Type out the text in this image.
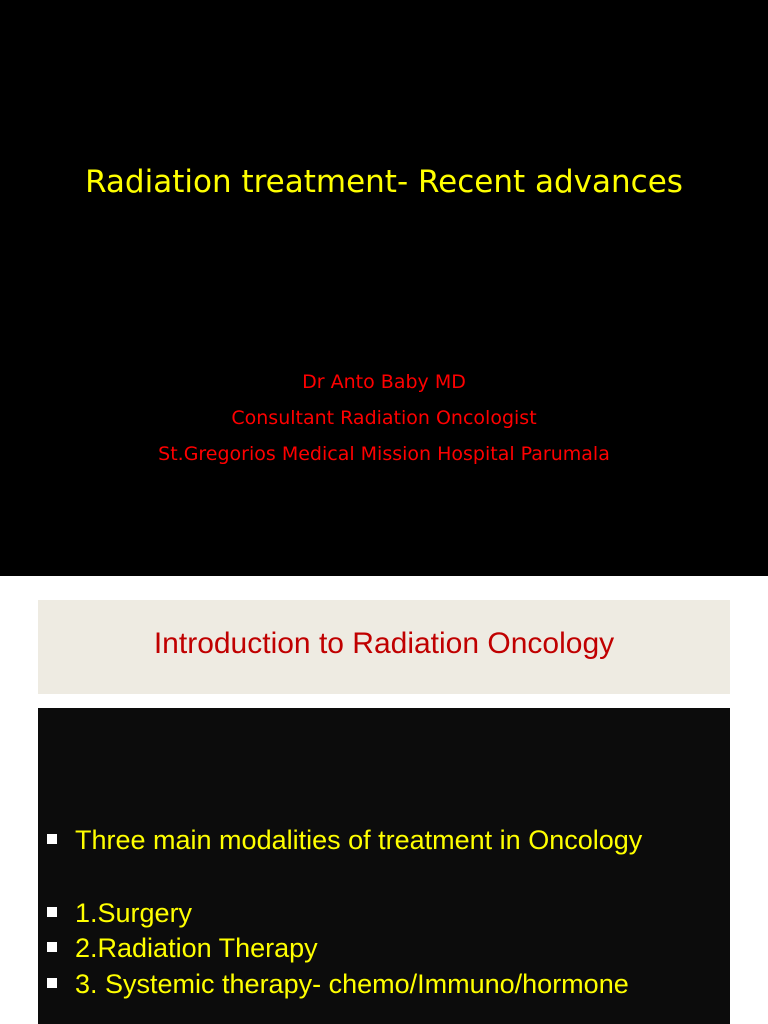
Radiation treatment- Recent advances
Dr Anto Baby MD
Consultant Radiation Oncologist
St.Gregorios Medical Mission Hospital Parumala
Introduction to Radiation Oncology
Three main modalities of treatment in Oncology
1.Surgery
2.Radiation Therapy
3. Systemic therapy- chemo/Immuno/hormone
